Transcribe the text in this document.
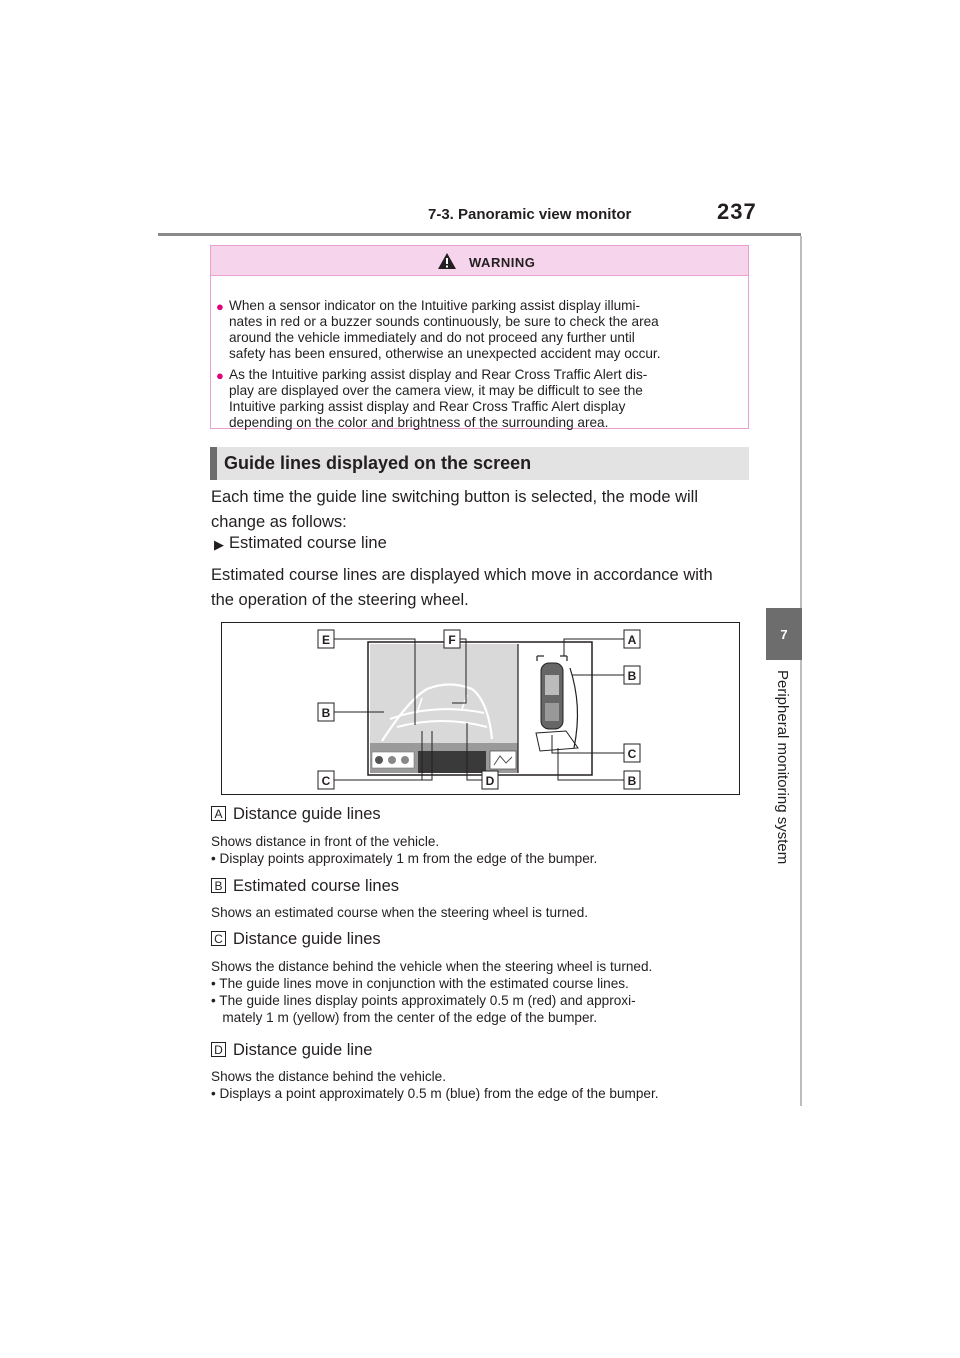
7-3. Panoramic view monitor	237
7
Peripheral monitoring system
WARNING
● When a sensor indicator on the Intuitive parking assist display illumi-
nates in red or a buzzer sounds continuously, be sure to check the area
around the vehicle immediately and do not proceed any further until
safety has been ensured, otherwise an unexpected accident may occur.
● As the Intuitive parking assist display and Rear Cross Traffic Alert dis-
play are displayed over the camera view, it may be difficult to see the
Intuitive parking assist display and Rear Cross Traffic Alert display
depending on the color and brightness of the surrounding area.
Guide lines displayed on the screen
Each time the guide line switching button is selected, the mode will
change as follows:
▶ Estimated course line
Estimated course lines are displayed which move in accordance with
the operation of the steering wheel.
E	F	A
B
B
C
C	D	B
A Distance guide lines
Shows distance in front of the vehicle.
• Display points approximately 1 m from the edge of the bumper.
B Estimated course lines
Shows an estimated course when the steering wheel is turned.
C Distance guide lines
Shows the distance behind the vehicle when the steering wheel is turned.
• The guide lines move in conjunction with the estimated course lines.
• The guide lines display points approximately 0.5 m (red) and approxi-
mately 1 m (yellow) from the center of the edge of the bumper.
D Distance guide line
Shows the distance behind the vehicle.
• Displays a point approximately 0.5 m (blue) from the edge of the bumper.
